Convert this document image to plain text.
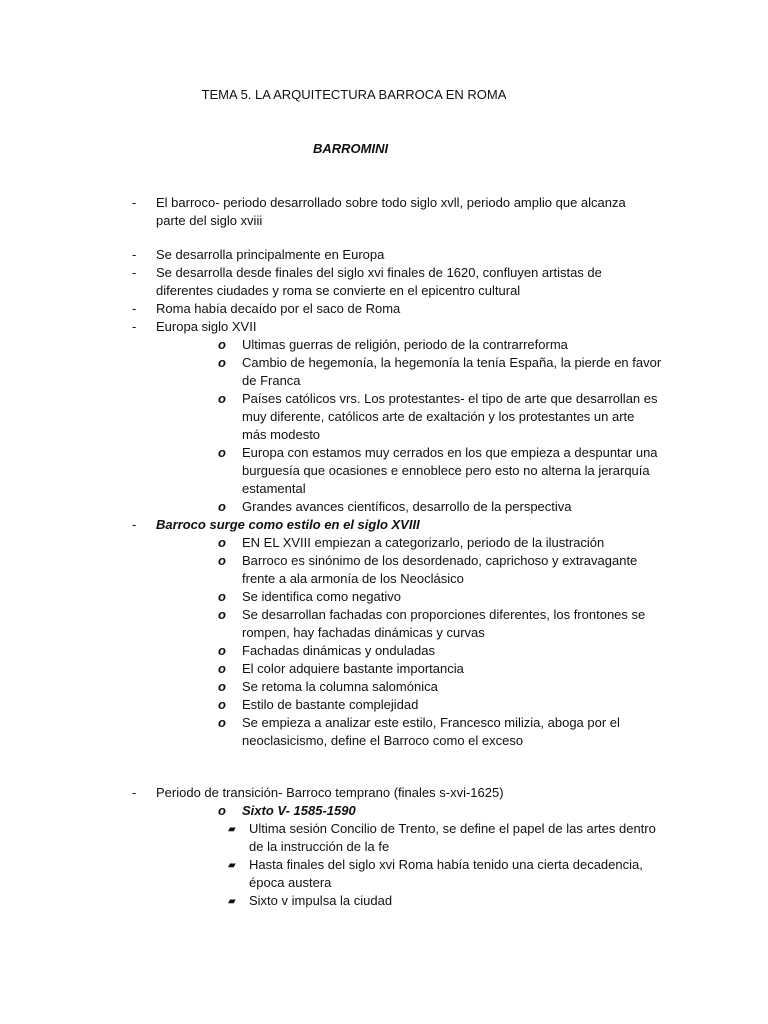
TEMA 5. LA ARQUITECTURA BARROCA EN ROMA
BARROMINI
- El barroco- periodo desarrollado sobre todo siglo xvll, periodo amplio que alcanza parte del siglo xviii
- Se desarrolla principalmente en Europa
- Se desarrolla desde finales del siglo xvi finales de 1620, confluyen artistas de diferentes ciudades y roma se convierte en el epicentro cultural
- Roma había decaído por el saco de Roma
- Europa siglo XVII
o Ultimas guerras de religión, periodo de la contrarreforma
o Cambio de hegemonía, la hegemonía la tenía España, la pierde en favor de Franca
o Países católicos vrs. Los protestantes- el tipo de arte que desarrollan es muy diferente, católicos arte de exaltación y los protestantes un arte más modesto
o Europa con estamos muy cerrados en los que empieza a despuntar una burguesía que ocasiones e ennoblece pero esto no alterna la jerarquía estamental
o Grandes avances científicos, desarrollo de la perspectiva
- Barroco surge como estilo en el siglo XVIII
o EN EL XVIII empiezan a categorizarlo, periodo de la ilustración
o Barroco es sinónimo de los desordenado, caprichoso y extravagante frente a ala armonía de los Neoclásico
o Se identifica como negativo
o Se desarrollan fachadas con proporciones diferentes, los frontones se rompen, hay fachadas dinámicas y curvas
o Fachadas dinámicas y onduladas
o El color adquiere bastante importancia
o Se retoma la columna salomónica
o Estilo de bastante complejidad
o Se empieza a analizar este estilo, Francesco milizia, aboga por el neoclasicismo, define el Barroco como el exceso
- Periodo de transición- Barroco temprano (finales s-xvi-1625)
o Sixto V- 1585-1590
▰ Ultima sesión Concilio de Trento, se define el papel de las artes dentro de la instrucción de la fe
▰ Hasta finales del siglo xvi Roma había tenido una cierta decadencia, época austera
▰ Sixto v impulsa la ciudad
